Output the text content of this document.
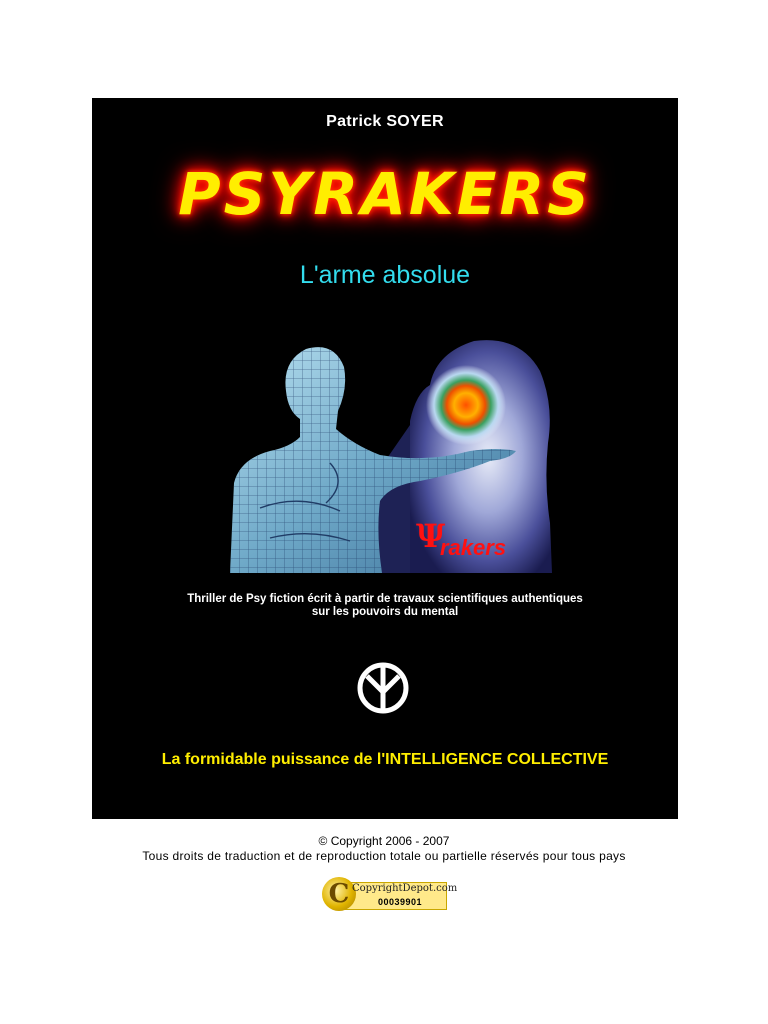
Patrick SOYER
PSYRAKERS
L'arme absolue
Ψ
rakers
Thriller de Psy fiction écrit à partir de travaux scientifiques authentiques
sur les pouvoirs du mental
La formidable puissance de l'INTELLIGENCE COLLECTIVE
© Copyright 2006 - 2007
Tous droits de traduction et de reproduction totale ou partielle réservés pour tous pays
C CopyrightDepot.com
00039901
